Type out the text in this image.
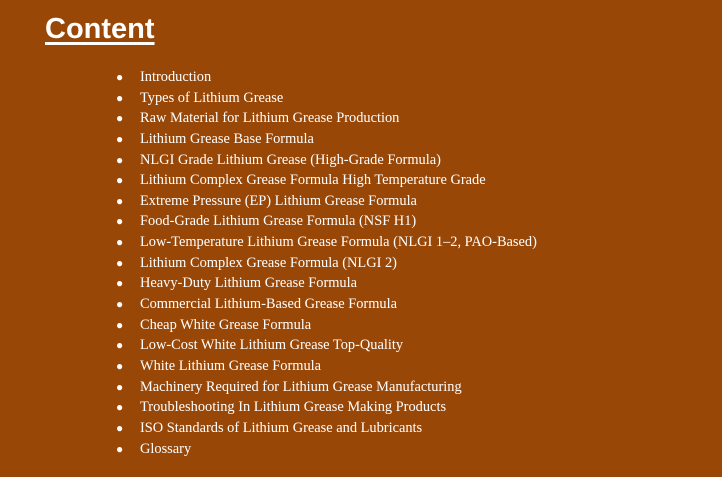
Content
● Introduction
● Types of Lithium Grease
● Raw Material for Lithium Grease Production
● Lithium Grease Base Formula
● NLGI Grade Lithium Grease (High-Grade Formula)
● Lithium Complex Grease Formula High Temperature Grade
● Extreme Pressure (EP) Lithium Grease Formula
● Food-Grade Lithium Grease Formula (NSF H1)
● Low-Temperature Lithium Grease Formula (NLGI 1–2, PAO-Based)
● Lithium Complex Grease Formula (NLGI 2)
● Heavy-Duty Lithium Grease Formula
● Commercial Lithium-Based Grease Formula
● Cheap White Grease Formula
● Low-Cost White Lithium Grease Top-Quality
● White Lithium Grease Formula
● Machinery Required for Lithium Grease Manufacturing
● Troubleshooting In Lithium Grease Making Products
● ISO Standards of Lithium Grease and Lubricants
● Glossary
